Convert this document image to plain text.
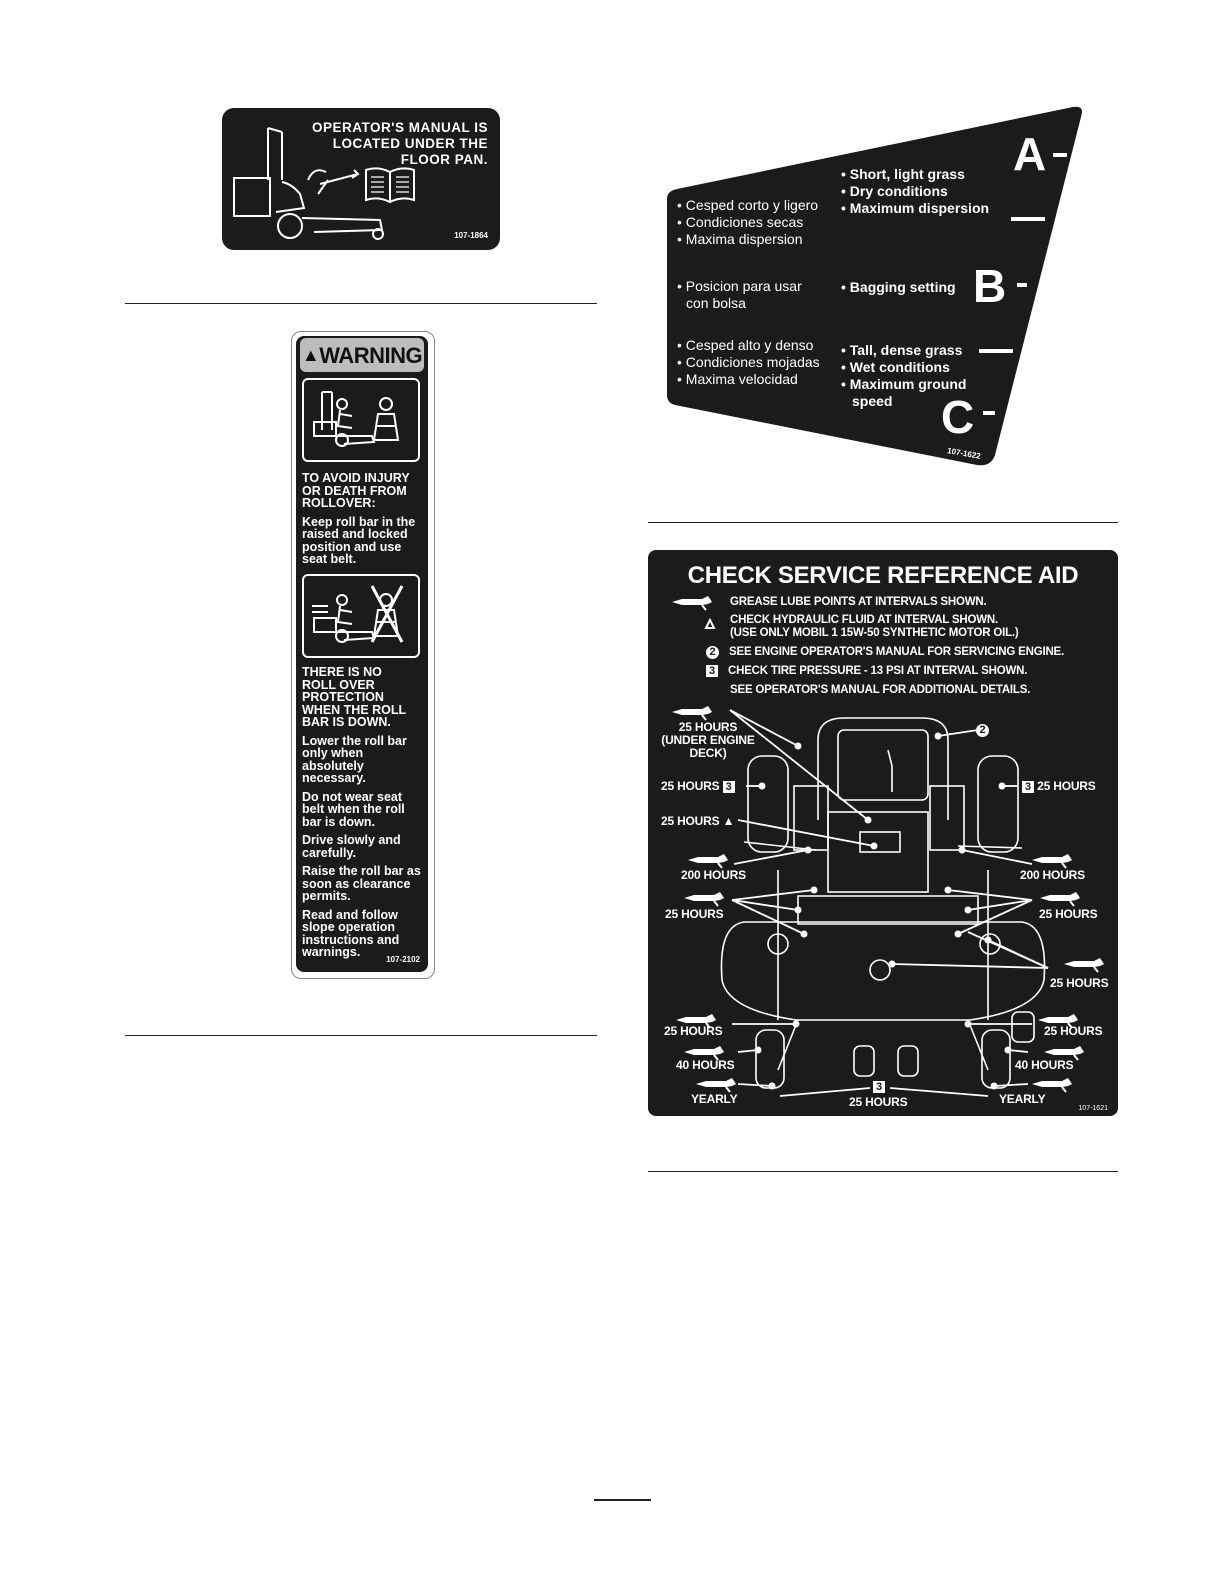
OPERATOR'S MANUAL IS
LOCATED UNDER THE
FLOOR PAN.
107-1864
▲WARNING

TO AVOID INJURY
OR DEATH FROM
ROLLOVER:

Keep roll bar in the
raised and locked
position and use
seat belt.

THERE IS NO
ROLL OVER
PROTECTION
WHEN THE ROLL
BAR IS DOWN.

Lower the roll bar
only when
absolutely
necessary.

Do not wear seat
belt when the roll
bar is down.

Drive slowly and
carefully.

Raise the roll bar as
soon as clearance
permits.

Read and follow
slope operation
instructions and
warnings.

107-2102
• Cesped corto y ligero
• Condiciones secas
• Maxima dispersion
• Short, light grass
• Dry conditions
• Maximum dispersion
A
• Posicion para usar
con bolsa
• Bagging setting B
• Cesped alto y denso
• Condiciones mojadas
• Maxima velocidad
• Tall, dense grass
• Wet conditions
• Maximum ground
speed	C
107-1622
CHECK SERVICE REFERENCE AID
GREASE LUBE POINTS AT INTERVALS SHOWN.
CHECK HYDRAULIC FLUID AT INTERVAL SHOWN.
(USE ONLY MOBIL 1 15W-50 SYNTHETIC MOTOR OIL.)
2 SEE ENGINE OPERATOR'S MANUAL FOR SERVICING ENGINE.
3 CHECK TIRE PRESSURE - 13 PSI AT INTERVAL SHOWN.
SEE OPERATOR'S MANUAL FOR ADDITIONAL DETAILS.
25 HOURS
(UNDER ENGINE
DECK)
2
25 HOURS 3	3 25 HOURS
25 HOURS ▲
200 HOURS	200 HOURS
25 HOURS	25 HOURS
25 HOURS
25 HOURS	25 HOURS
40 HOURS	40 HOURS
YEARLY	YEARLY
3
25 HOURS	107-1621
